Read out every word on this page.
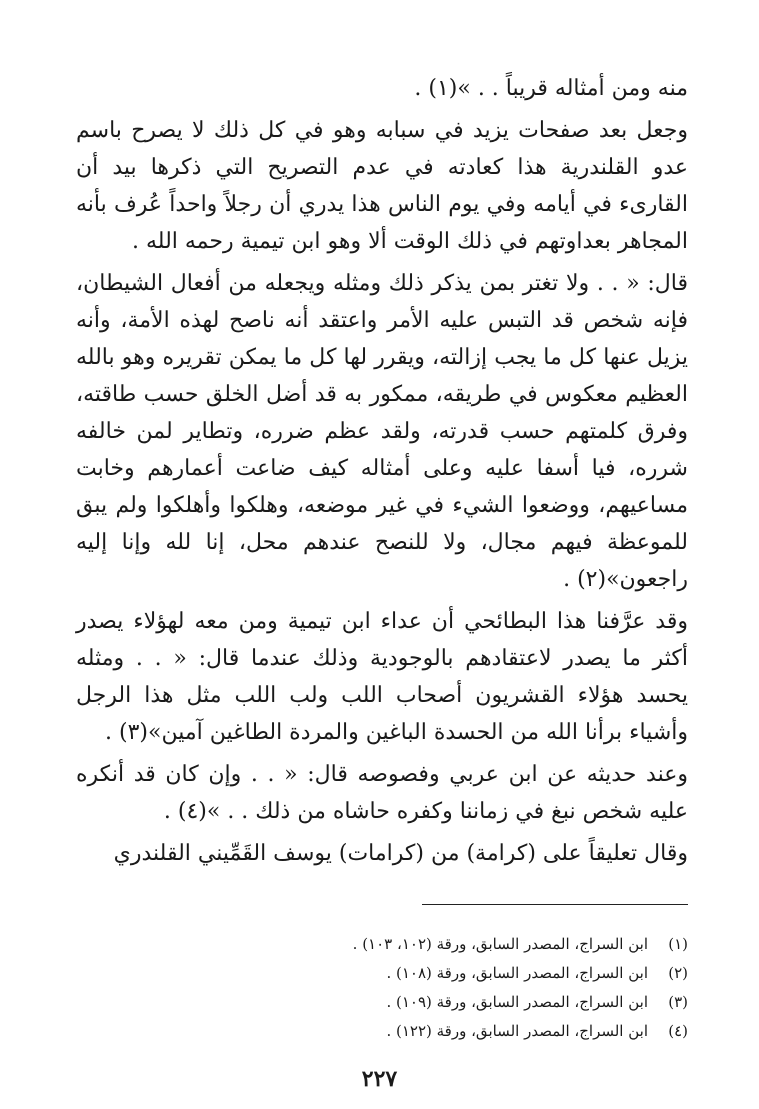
منه ومن أمثاله قريباً . . »(١) .

وجعل بعد صفحات يزيد في سبابه وهو في كل ذلك لا يصرح باسم عدو القلندرية هذا كعادته في عدم التصريح التي ذكرها بيد أن القارىء في أيامه وفي يوم الناس هذا يدري أن رجلاً واحداً عُرف بأنه المجاهر بعداوتهم في ذلك الوقت ألا وهو ابن تيمية رحمه الله .

قال: « . . ولا تغتر بمن يذكر ذلك ومثله ويجعله من أفعال الشيطان، فإنه شخص قد التبس عليه الأمر واعتقد أنه ناصح لهذه الأمة، وأنه يزيل عنها كل ما يجب إزالته، ويقرر لها كل ما يمكن تقريره وهو بالله العظيم معكوس في طريقه، ممكور به قد أضل الخلق حسب طاقته، وفرق كلمتهم حسب قدرته، ولقد عظم ضرره، وتطاير لمن خالفه شرره، فيا أسفا عليه وعلى أمثاله كيف ضاعت أعمارهم وخابت مساعيهم، ووضعوا الشيء في غير موضعه، وهلكوا وأهلكوا ولم يبق للموعظة فيهم مجال، ولا للنصح عندهم محل، إنا لله وإنا إليه راجعون»(٢) .

وقد عرَّفنا هذا البطائحي أن عداء ابن تيمية ومن معه لهؤلاء يصدر أكثر ما يصدر لاعتقادهم بالوجودية وذلك عندما قال: « . . ومثله يحسد هؤلاء القشريون أصحاب اللب ولب اللب مثل هذا الرجل وأشياء برأنا الله من الحسدة الباغين والمردة الطاغين آمين»(٣) .

وعند حديثه عن ابن عربي وفصوصه قال: « . . وإن كان قد أنكره عليه شخص نبغ في زماننا وكفره حاشاه من ذلك . . »(٤) .

وقال تعليقاً على (كرامة) من (كرامات) يوسف القَمِّيني القلندري

(١)ابن السراج، المصدر السابق، ورقة (١٠٢، ١٠٣) .
(٢)ابن السراج، المصدر السابق، ورقة (١٠٨) .
(٣)ابن السراج، المصدر السابق، ورقة (١٠٩) .
(٤)ابن السراج، المصدر السابق، ورقة (١٢٢) .
٢٢٧
